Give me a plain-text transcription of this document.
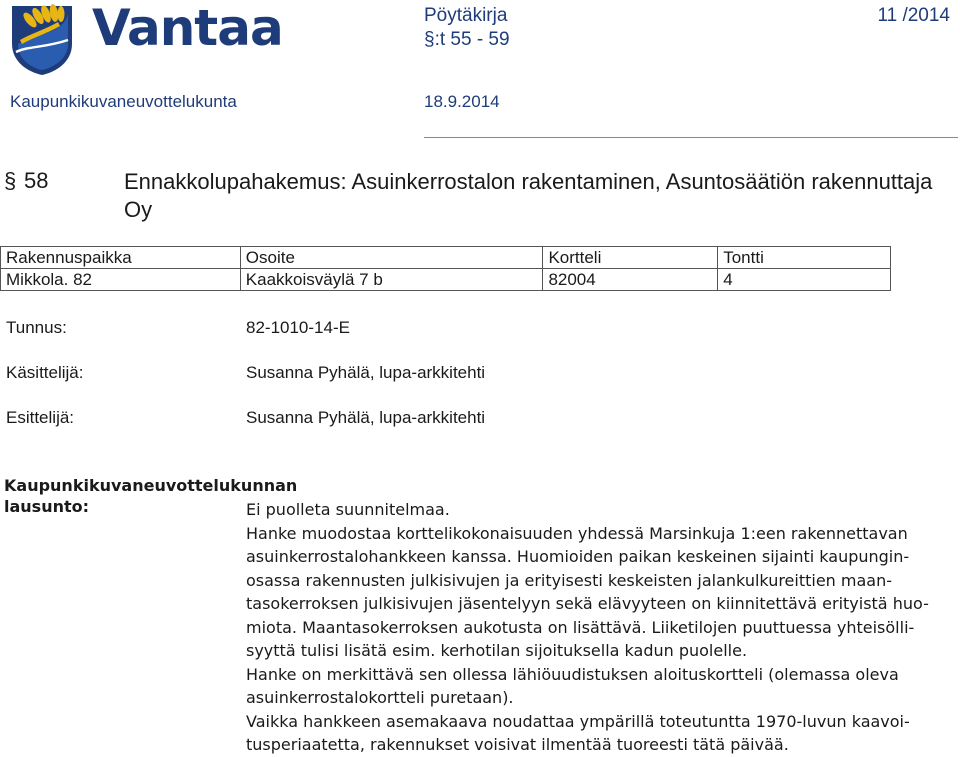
Vantaa	Pöytäkirja
§:t 55 - 59
11 /2014
Kaupunkikuvaneuvottelukunta	18.9.2014
§ 58	Ennakkolupahakemus: Asuinkerrostalon rakentaminen, Asuntosäätiön rakennuttaja Oy
Rakennuspaikka	Osoite	Kortteli	Tontti
Mikkola. 82	Kaakkoisväylä 7 b	82004	4
Tunnus:	82-1010-14-E
Käsittelijä:	Susanna Pyhälä, lupa-arkkitehti
Esittelijä:	Susanna Pyhälä, lupa-arkkitehti
Kaupunkikuvaneuvottelukunnan
lausunto:	Ei puolleta suunnitelmaa.
Hanke muodostaa korttelikokonaisuuden yhdessä Marsinkuja 1:een rakennettavan
asuinkerrostalohankkeen kanssa. Huomioiden paikan keskeinen sijainti kaupungin-
osassa rakennusten julkisivujen ja erityisesti keskeisten jalankulkureittien maan-
tasokerroksen julkisivujen jäsentelyyn sekä elävyyteen on kiinnitettävä erityistä huo-
miota. Maantasokerroksen aukotusta on lisättävä. Liiketilojen puuttuessa yhteisölli-
syyttä tulisi lisätä esim. kerhotilan sijoituksella kadun puolelle.
Hanke on merkittävä sen ollessa lähiöuudistuksen aloituskortteli (olemassa oleva
asuinkerrostalokortteli puretaan).
Vaikka hankkeen asemakaava noudattaa ympärillä toteutuntta 1970-luvun kaavoi-
tusperiaatetta, rakennukset voisivat ilmentää tuoreesti tätä päivää.
